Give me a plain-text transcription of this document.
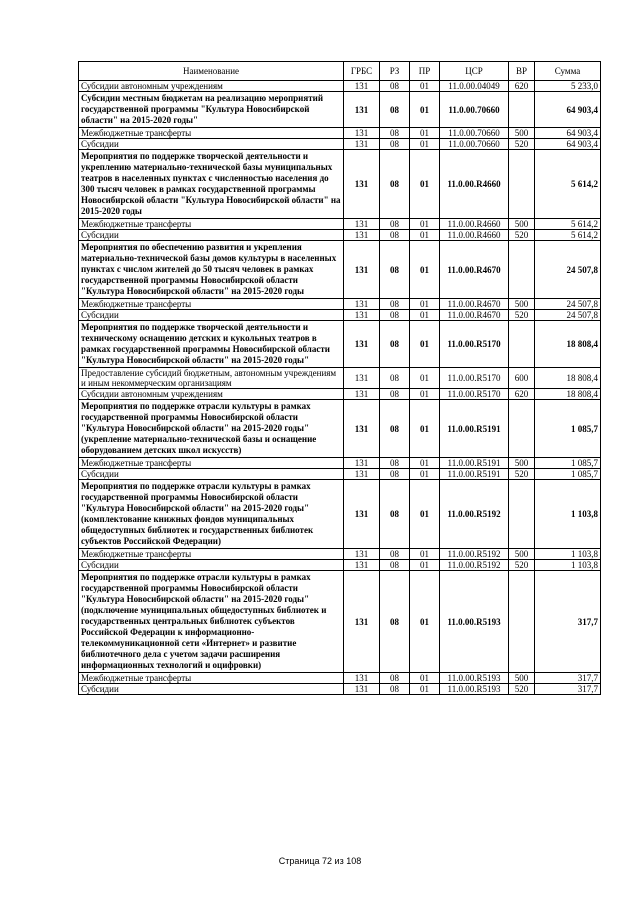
Наименование	ГРБС	РЗ	ПР	ЦСР	ВР	Сумма
Субсидии автономным учреждениям	131	08	01	11.0.00.04049	620	5 233,0
Субсидии местным бюджетам на реализацию мероприятий государственной программы "Культура Новосибирской области" на 2015-2020 годы"	131	08	01	11.0.00.70660		64 903,4
Межбюджетные трансферты	131	08	01	11.0.00.70660	500	64 903,4
Субсидии	131	08	01	11.0.00.70660	520	64 903,4
Мероприятия по поддержке творческой деятельности и укреплению материально-технической базы муниципальных театров в населенных пунктах с численностью населения до 300 тысяч человек в рамках государственной программы Новосибирской области "Культура Новосибирской области" на 2015-2020 годы	131	08	01	11.0.00.R4660		5 614,2
Межбюджетные трансферты	131	08	01	11.0.00.R4660	500	5 614,2
Субсидии	131	08	01	11.0.00.R4660	520	5 614,2
Мероприятия по обеспечению развития и укрепления материально-технической базы домов культуры в населенных пунктах с числом жителей до 50 тысяч человек в рамках государственной программы Новосибирской области "Культура Новосибирской области" на 2015-2020 годы	131	08	01	11.0.00.R4670		24 507,8
Межбюджетные трансферты	131	08	01	11.0.00.R4670	500	24 507,8
Субсидии	131	08	01	11.0.00.R4670	520	24 507,8
Мероприятия по поддержке творческой деятельности и техническому оснащению детских и кукольных театров в рамках государственной программы Новосибирской области "Культура Новосибирской области" на 2015-2020 годы"	131	08	01	11.0.00.R5170		18 808,4
Предоставление субсидий бюджетным, автономным учреждениям и иным некоммерческим организациям	131	08	01	11.0.00.R5170	600	18 808,4
Субсидии автономным учреждениям	131	08	01	11.0.00.R5170	620	18 808,4
Мероприятия по поддержке отрасли культуры в рамках государственной программы Новосибирской области "Культура Новосибирской области" на 2015-2020 годы" (укрепление материально-технической базы и оснащение оборудованием детских школ искусств)	131	08	01	11.0.00.R5191		1 085,7
Межбюджетные трансферты	131	08	01	11.0.00.R5191	500	1 085,7
Субсидии	131	08	01	11.0.00.R5191	520	1 085,7
Мероприятия по поддержке отрасли культуры в рамках государственной программы Новосибирской области "Культура Новосибирской области" на 2015-2020 годы" (комплектование книжных фондов муниципальных общедоступных библиотек и государственных библиотек субъектов Российской Федерации)	131	08	01	11.0.00.R5192		1 103,8
Межбюджетные трансферты	131	08	01	11.0.00.R5192	500	1 103,8
Субсидии	131	08	01	11.0.00.R5192	520	1 103,8
Мероприятия по поддержке отрасли культуры в рамках государственной программы Новосибирской области "Культура Новосибирской области" на 2015-2020 годы" (подключение муниципальных общедоступных библиотек и государственных центральных библиотек субъектов Российской Федерации к информационно-телекоммуникационной сети «Интернет» и развитие библиотечного дела с учетом задачи расширения информационных технологий и оцифровки)	131	08	01	11.0.00.R5193		317,7
Межбюджетные трансферты	131	08	01	11.0.00.R5193	500	317,7
Субсидии	131	08	01	11.0.00.R5193	520	317,7
Страница 72 из 108
